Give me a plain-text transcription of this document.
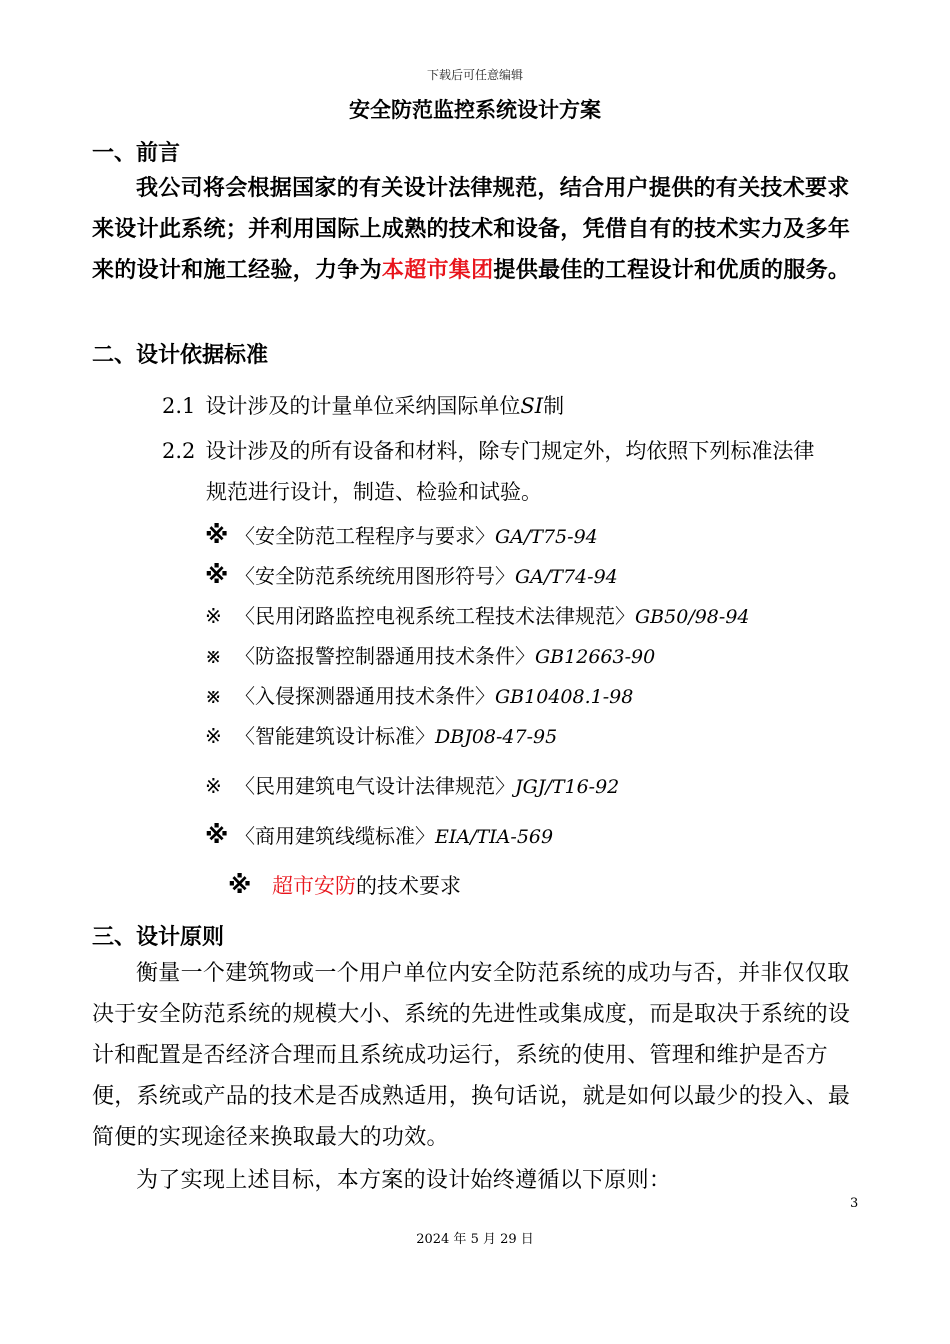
下载后可任意编辑
安全防范监控系统设计方案
一、前言
我公司将会根据国家的有关设计法律规范，结合用户提供的有关技术要求来设计此系统；并利用国际上成熟的技术和设备，凭借自有的技术实力及多年来的设计和施工经验，力争为本超市集团提供最佳的工程设计和优质的服务。
二、设计依据标准
2.1 设计涉及的计量单位采纳国际单位SI制
2.2 设计涉及的所有设备和材料，除专门规定外，均依照下列标准法律
规范进行设计，制造、检验和试验。
※ 〈安全防范工程程序与要求〉GA/T75-94
※ 〈安全防范系统统用图形符号〉GA/T74-94
※ 〈民用闭路监控电视系统工程技术法律规范〉GB50/98-94
※ 〈防盗报警控制器通用技术条件〉GB12663-90
※ 〈入侵探测器通用技术条件〉GB10408.1-98
※ 〈智能建筑设计标准〉DBJ08-47-95
※ 〈民用建筑电气设计法律规范〉JGJ/T16-92
※ 〈商用建筑线缆标准〉EIA/TIA-569
※ 超市安防的技术要求
三、设计原则
衡量一个建筑物或一个用户单位内安全防范系统的成功与否，并非仅仅取决于安全防范系统的规模大小、系统的先进性或集成度，而是取决于系统的设计和配置是否经济合理而且系统成功运行，系统的使用、管理和维护是否方便，系统或产品的技术是否成熟适用，换句话说，就是如何以最少的投入、最简便的实现途径来换取最大的功效。
为了实现上述目标，本方案的设计始终遵循以下原则：
3
2024 年 5 月 29 日
